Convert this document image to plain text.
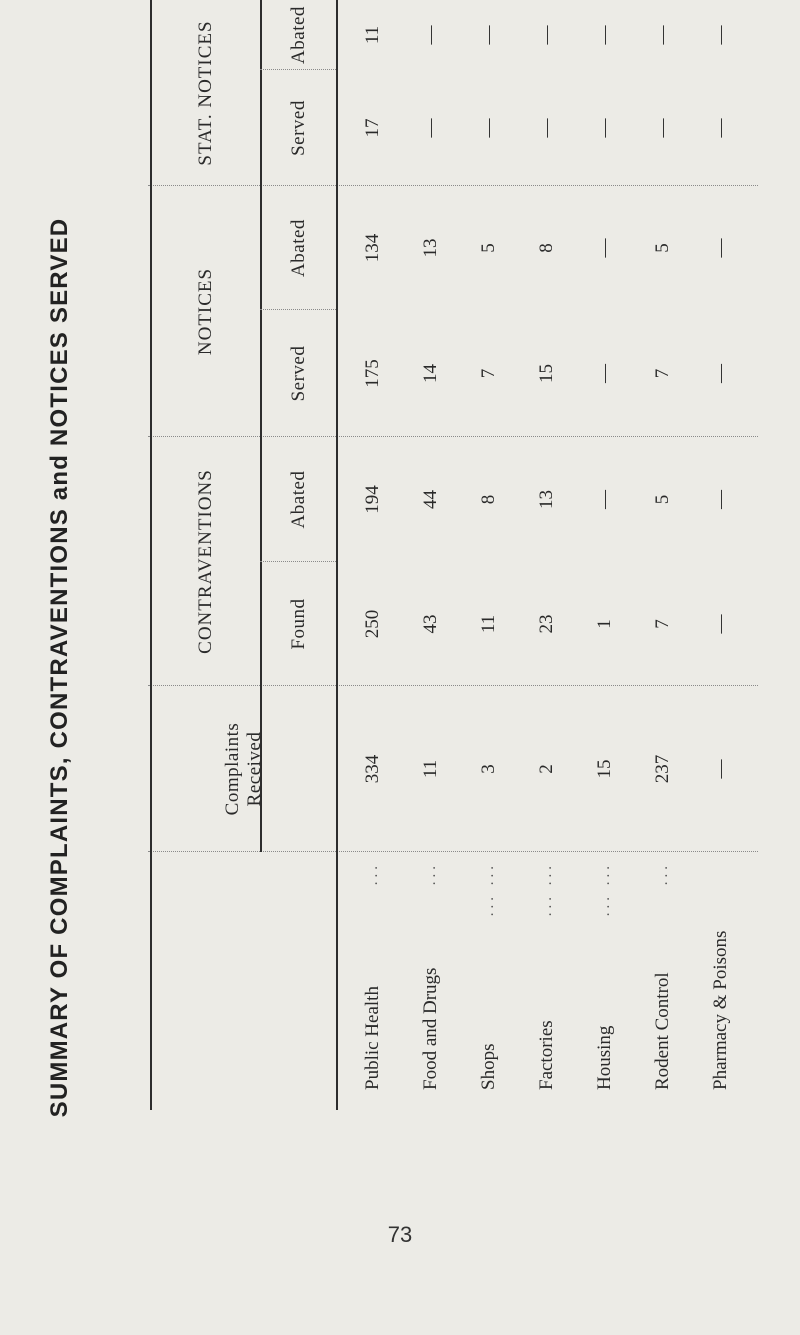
SUMMARY OF COMPLAINTS, CONTRAVENTIONS and NOTICES SERVED	Complaints Received
CONTRAVENTIONS
NOTICES
STAT. NOTICES
Found
Abated
Served
Abated
Served
Abated
Public Health
...
334
250
194
175
134
17
11
Food and Drugs
...
11
43
44
14
13
—
—
Shops
... ...
3
11
8
7
5
—
—
Factories
... ...
2
23
13
15
8
—
—
Housing
... ...
15
1
—
—
—
—
—
Rodent Control
...
237
7
5
7
5
—
—
Pharmacy & Poisons
—
—
—
—
—
—
—
73
